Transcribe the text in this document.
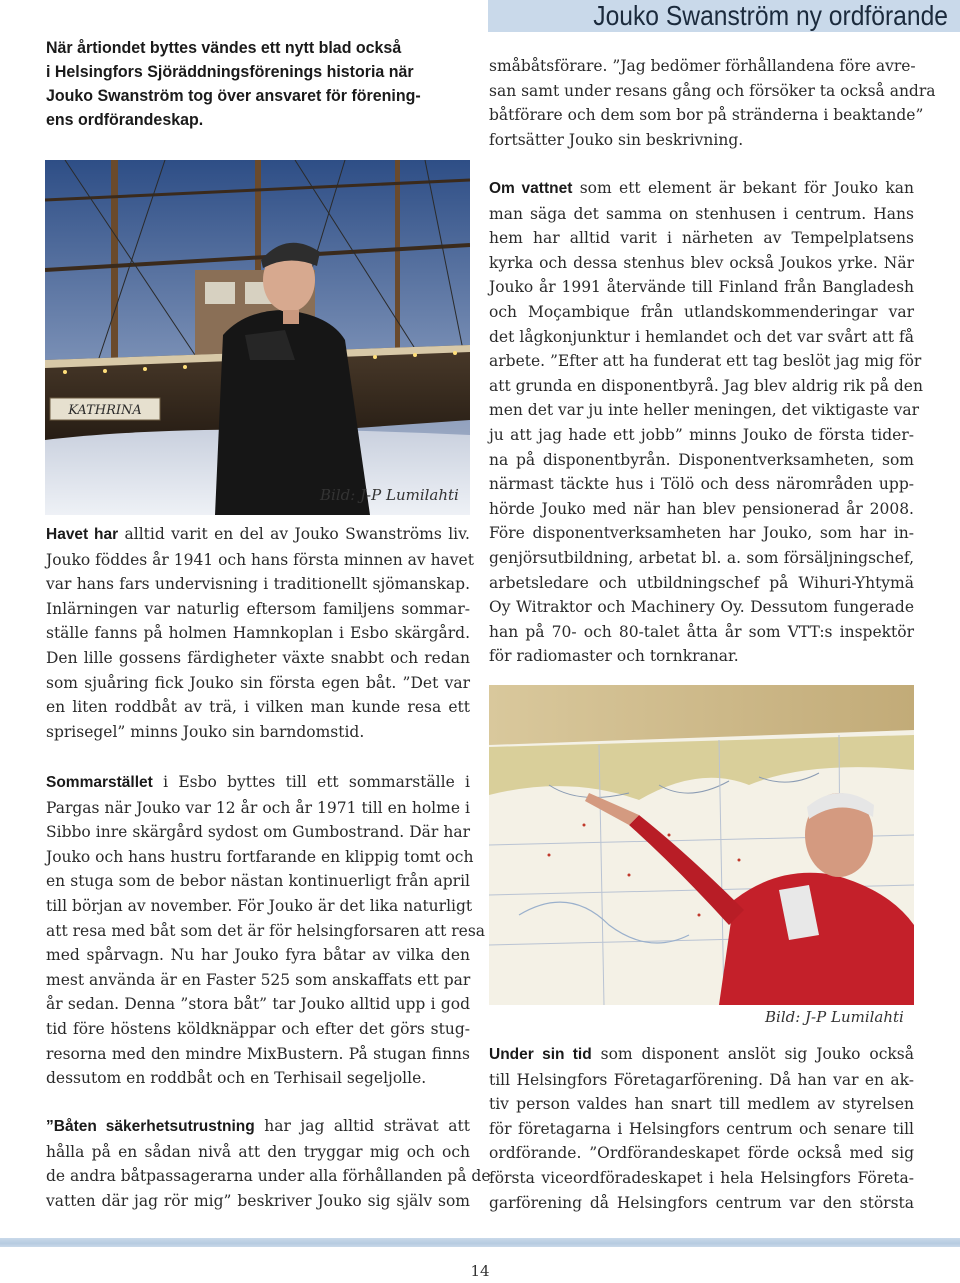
Jouko Swanström ny ordförande
När årtiondet byttes vändes ett nytt blad också
i Helsingfors Sjöräddningsförenings historia när
Jouko Swanström tog över ansvaret för förening-
ens ordförandeskap.
KATHRINA
Bild: J-P Lumilahti
Havet har alltid varit en del av Jouko Swanströms liv.
Jouko föddes år 1941 och hans första minnen av havet
var hans fars undervisning i traditionellt sjömanskap.
Inlärningen var naturlig eftersom familjens sommar-
ställe fanns på holmen Hamnkoplan i Esbo skärgård.
Den lille gossens färdigheter växte snabbt och redan
som sjuåring fick Jouko sin första egen båt. ”Det var
en liten roddbåt av trä, i vilken man kunde resa ett
sprisegel” minns Jouko sin barndomstid.
Sommarstället i Esbo byttes till ett sommarställe i
Pargas när Jouko var 12 år och år 1971 till en holme i
Sibbo inre skärgård sydost om Gumbostrand. Där har
Jouko och hans hustru fortfarande en klippig tomt och
en stuga som de bebor nästan kontinuerligt från april
till början av november. För Jouko är det lika naturligt
att resa med båt som det är för helsingforsaren att resa
med spårvagn. Nu har Jouko fyra båtar av vilka den
mest använda är en Faster 525 som anskaffats ett par
år sedan. Denna ”stora båt” tar Jouko alltid upp i god
tid före höstens köldknäppar och efter det görs stug-
resorna med den mindre MixBustern. På stugan finns
dessutom en roddbåt och en Terhisail segeljolle.
”Båten säkerhetsutrustning har jag alltid strävat att
hålla på en sådan nivå att den tryggar mig och och
de andra båtpassagerarna under alla förhållanden på de
vatten där jag rör mig” beskriver Jouko sig själv som
småbåtsförare. ”Jag bedömer förhållandena före avre-
san samt under resans gång och försöker ta också andra
båtförare och dem som bor på stränderna i beaktande”
fortsätter Jouko sin beskrivning.
Om vattnet som ett element är bekant för Jouko kan
man säga det samma on stenhusen i centrum. Hans
hem har alltid varit i närheten av Tempelplatsens
kyrka och dessa stenhus blev också Joukos yrke. När
Jouko år 1991 återvände till Finland från Bangladesh
och Moçambique från utlandskommenderingar var
det lågkonjunktur i hemlandet och det var svårt att få
arbete. ”Efter att ha funderat ett tag beslöt jag mig för
att grunda en disponentbyrå. Jag blev aldrig rik på den
men det var ju inte heller meningen, det viktigaste var
ju att jag hade ett jobb” minns Jouko de första tider-
na på disponentbyrån. Disponentverksamheten, som
närmast täckte hus i Tölö och dess närområden upp-
hörde Jouko med när han blev pensionerad år 2008.
Före disponentverksamheten har Jouko, som har in-
genjörsutbildning, arbetat bl. a. som försäljningschef,
arbetsledare och utbildningschef på Wihuri-Yhtymä
Oy Witraktor och Machinery Oy. Dessutom fungerade
han på 70- och 80-talet åtta år som VTT:s inspektör
för radiomaster och tornkranar.
Bild: J-P Lumilahti
Under sin tid som disponent anslöt sig Jouko också
till Helsingfors Företagarförening. Då han var en ak-
tiv person valdes han snart till medlem av styrelsen
för företagarna i Helsingfors centrum och senare till
ordförande. ”Ordförandeskapet förde också med sig
första viceordföradeskapet i hela Helsingfors Företa-
garförening då Helsingfors centrum var den största
14
